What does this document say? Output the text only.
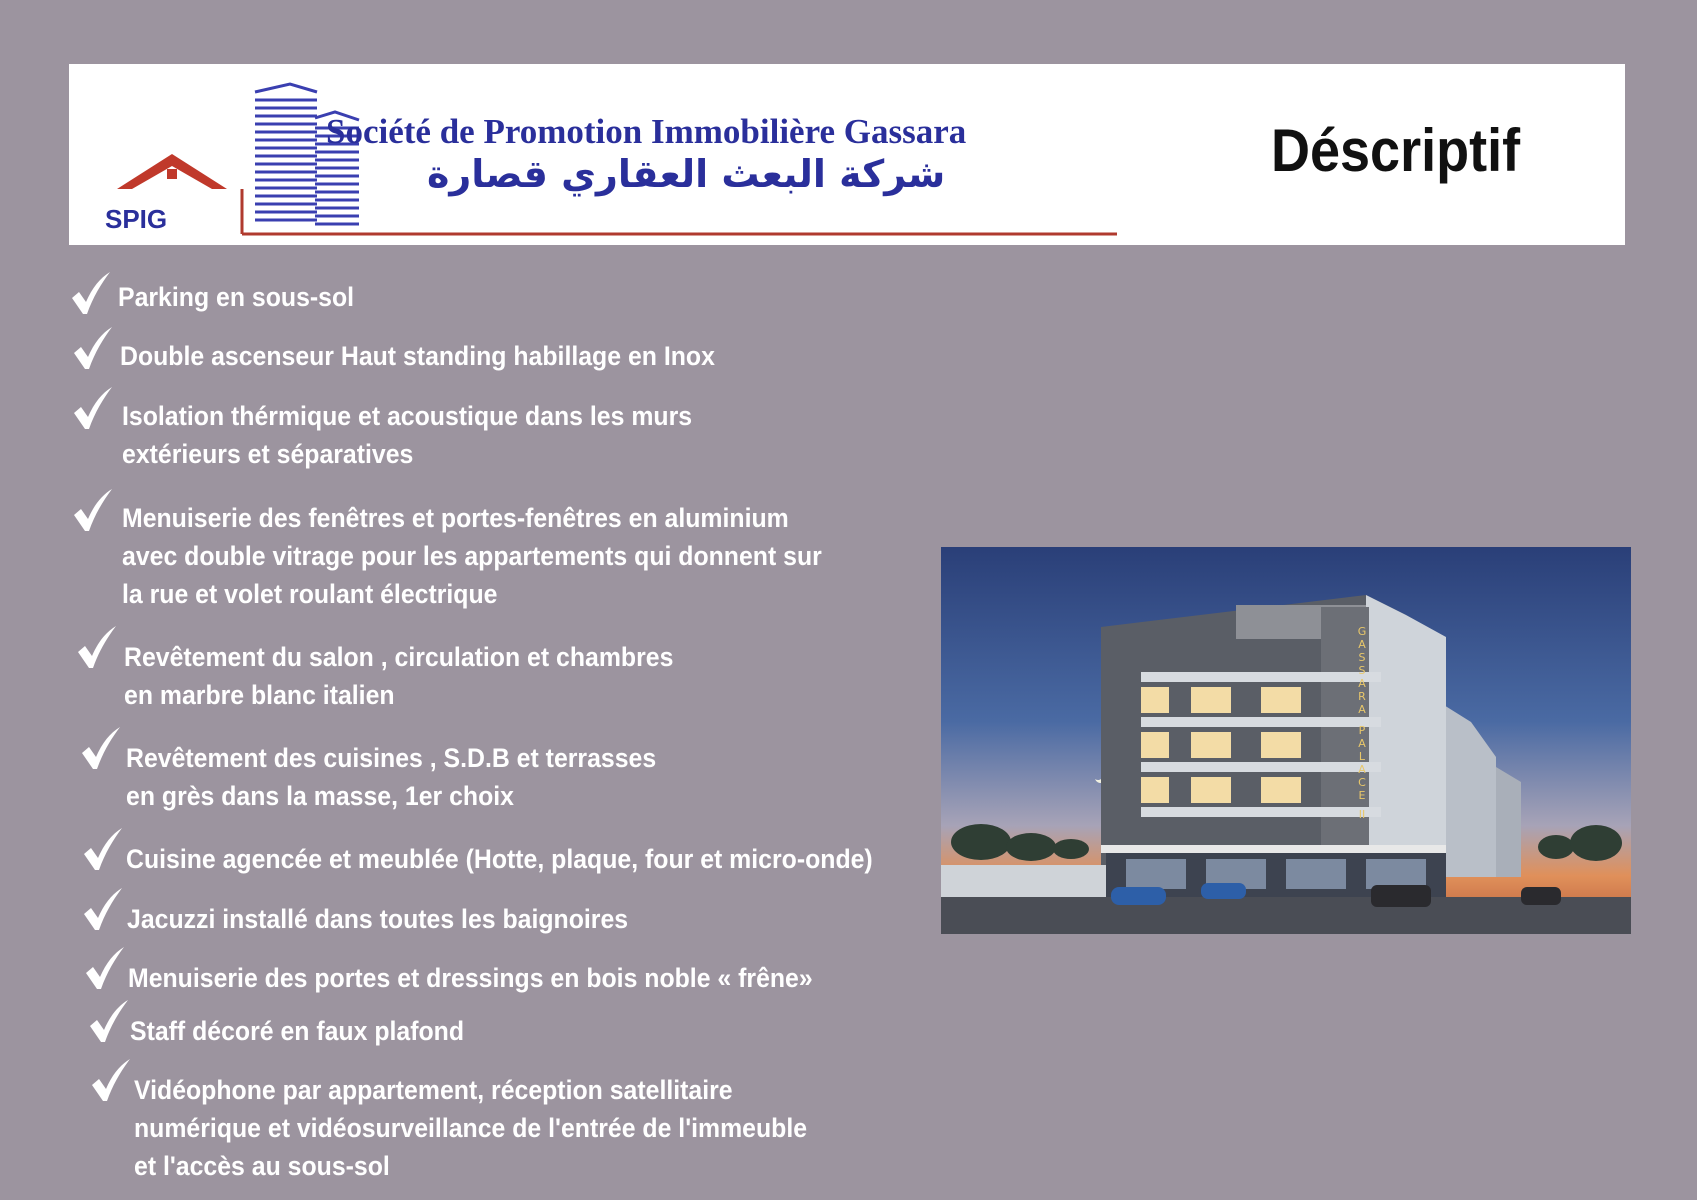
SPIG
Société de Promotion Immobilière Gassara
شركة البعث العقاري قصارة	Déscriptif
Parking en sous-sol
Double ascenseur Haut standing habillage en Inox
Isolation thérmique et acoustique dans les murs
extérieurs et séparatives
Menuiserie des fenêtres et portes-fenêtres en aluminium
avec double vitrage pour les appartements qui donnent sur
la rue et volet roulant électrique
Revêtement du salon , circulation et chambres
en marbre blanc italien
Revêtement des cuisines , S.D.B et terrasses
en grès dans la masse, 1er choix
Cuisine agencée et meublée (Hotte, plaque, four et micro-onde)
Jacuzzi installé dans toutes les baignoires
Menuiserie des portes et dressings en bois noble « frêne»
Staff décoré en faux plafond
Vidéophone par appartement, réception satellitaire
numérique et vidéosurveillance de l'entrée de l'immeuble
et l'accès au sous-sol
G
A
S
S
A
R
A
P
A
L
A
C
E
II
